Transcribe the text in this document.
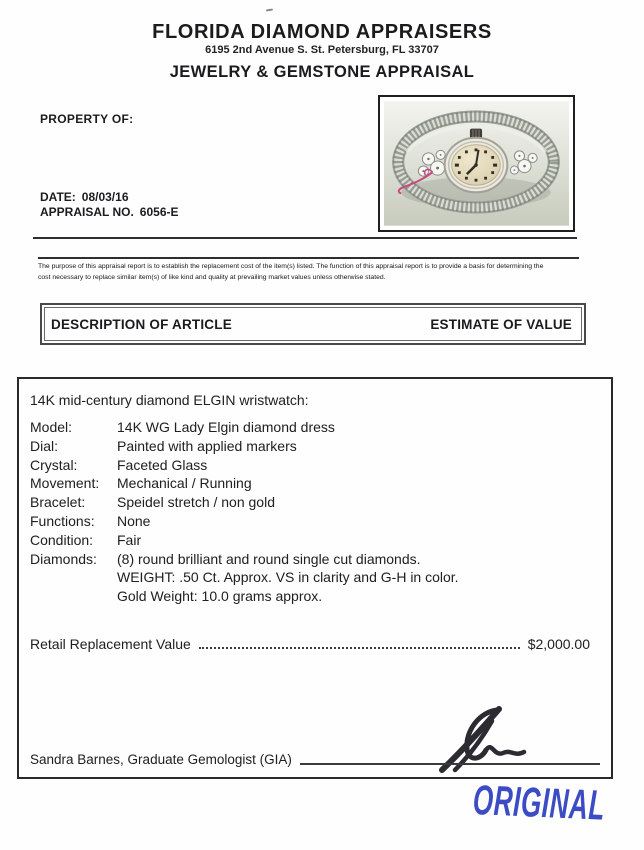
FLORIDA DIAMOND APPRAISERS
6195 2nd Avenue S. St. Petersburg, FL 33707
JEWELRY & GEMSTONE APPRAISAL
PROPERTY OF:
DATE: 08/03/16
APPRAISAL NO. 6056-E
The purpose of this appraisal report is to establish the replacement cost of the item(s) listed. The function of this appraisal report is to provide a basis for determining the
cost necessary to replace similar item(s) of like kind and quality at prevailing market values unless otherwise stated.
DESCRIPTION OF ARTICLE	ESTIMATE OF VALUE
14K mid-century diamond ELGIN wristwatch:
Model:	14K WG Lady Elgin diamond dress
Dial:	Painted with applied markers
Crystal:	Faceted Glass
Movement:	Mechanical / Running
Bracelet:	Speidel stretch / non gold
Functions:	None
Condition:	Fair
Diamonds:	(8) round brilliant and round single cut diamonds.
WEIGHT: .50 Ct. Approx. VS in clarity and G-H in color.
Gold Weight: 10.0 grams approx.
Retail Replacement Value	$2,000.00
Sandra Barnes, Graduate Gemologist (GIA)
ORIGINAL
